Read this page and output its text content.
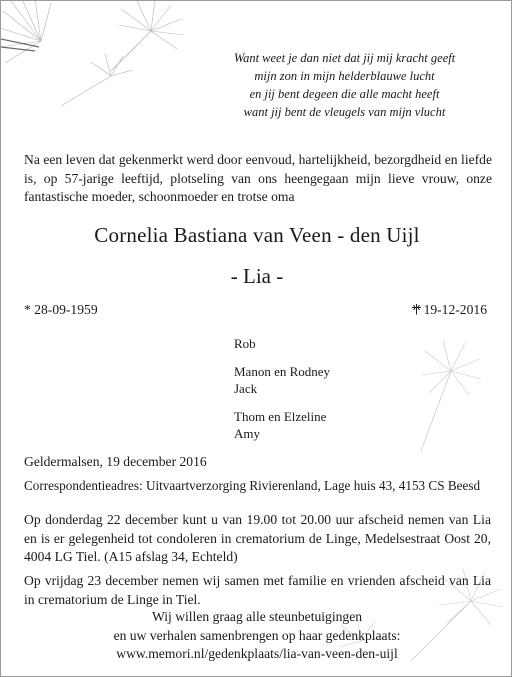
Want weet je dan niet dat jij mij kracht geeft
mijn zon in mijn helderblauwe lucht
en jij bent degeen die alle macht heeft
want jij bent de vleugels van mijn vlucht
Na een leven dat gekenmerkt werd door eenvoud, hartelijkheid, bezorgdheid en liefde is, op 57-jarige leeftijd, plotseling van ons heengegaan mijn lieve vrouw, onze fantastische moeder, schoonmoeder en trotse oma
Cornelia Bastiana van Veen - den Uijl
- Lia -
* 28-09-1959	19-12-2016
Rob
Manon en Rodney
Jack
Thom en Elzeline
Amy
Geldermalsen, 19 december 2016
Correspondentieadres: Uitvaartverzorging Rivierenland, Lage huis 43, 4153 CS Beesd
Op donderdag 22 december kunt u van 19.00 tot 20.00 uur afscheid nemen van Lia en is er gelegenheid tot condoleren in crematorium de Linge, Medelsestraat Oost 20, 4004 LG Tiel. (A15 afslag 34, Echteld)
Op vrijdag 23 december nemen wij samen met familie en vrienden afscheid van Lia in crematorium de Linge in Tiel.
Wij willen graag alle steunbetuigingen
en uw verhalen samenbrengen op haar gedenkplaats:
www.memori.nl/gedenkplaats/lia-van-veen-den-uijl
